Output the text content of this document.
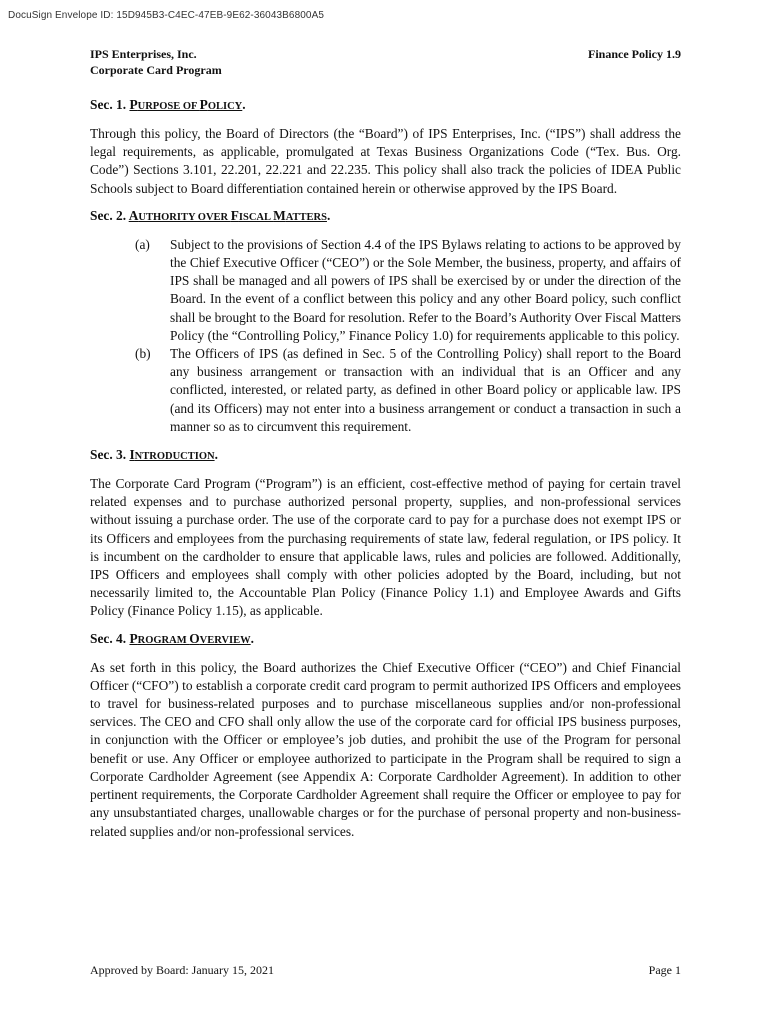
DocuSign Envelope ID: 15D945B3-C4EC-47EB-9E62-36043B6800A5
IPS Enterprises, Inc.
Corporate Card Program
Finance Policy 1.9
Sec. 1. PURPOSE OF POLICY.

Through this policy, the Board of Directors (the “Board”) of IPS Enterprises, Inc. (“IPS”) shall address the legal requirements, as applicable, promulgated at Texas Business Organizations Code (“Tex. Bus. Org. Code”) Sections 3.101, 22.201, 22.221 and 22.235. This policy shall also track the policies of IDEA Public Schools subject to Board differentiation contained herein or otherwise approved by the IPS Board.

Sec. 2. AUTHORITY OVER FISCAL MATTERS.
(a)	Subject to the provisions of Section 4.4 of the IPS Bylaws relating to actions to be approved by the Chief Executive Officer (“CEO”) or the Sole Member, the business, property, and affairs of IPS shall be managed and all powers of IPS shall be exercised by or under the direction of the Board. In the event of a conflict between this policy and any other Board policy, such conflict shall be brought to the Board for resolution. Refer to the Board’s Authority Over Fiscal Matters Policy (the “Controlling Policy,” Finance Policy 1.0) for requirements applicable to this policy.
(b)	The Officers of IPS (as defined in Sec. 5 of the Controlling Policy) shall report to the Board any business arrangement or transaction with an individual that is an Officer and any conflicted, interested, or related party, as defined in other Board policy or applicable law. IPS (and its Officers) may not enter into a business arrangement or conduct a transaction in such a manner so as to circumvent this requirement.
Sec. 3. INTRODUCTION.

The Corporate Card Program (“Program”) is an efficient, cost-effective method of paying for certain travel related expenses and to purchase authorized personal property, supplies, and non-professional services without issuing a purchase order. The use of the corporate card to pay for a purchase does not exempt IPS or its Officers and employees from the purchasing requirements of state law, federal regulation, or IPS policy. It is incumbent on the cardholder to ensure that applicable laws, rules and policies are followed. Additionally, IPS Officers and employees shall comply with other policies adopted by the Board, including, but not necessarily limited to, the Accountable Plan Policy (Finance Policy 1.1) and Employee Awards and Gifts Policy (Finance Policy 1.15), as applicable.

Sec. 4. PROGRAM OVERVIEW.

As set forth in this policy, the Board authorizes the Chief Executive Officer (“CEO”) and Chief Financial Officer (“CFO”) to establish a corporate credit card program to permit authorized IPS Officers and employees to travel for business-related purposes and to purchase miscellaneous supplies and/or non-professional services. The CEO and CFO shall only allow the use of the corporate card for official IPS business purposes, in conjunction with the Officer or employee’s job duties, and prohibit the use of the Program for personal benefit or use. Any Officer or employee authorized to participate in the Program shall be required to sign a Corporate Cardholder Agreement (see Appendix A: Corporate Cardholder Agreement). In addition to other pertinent requirements, the Corporate Cardholder Agreement shall require the Officer or employee to pay for any unsubstantiated charges, unallowable charges or for the purchase of personal property and non-business-related supplies and/or non-professional services.

Approved by Board: January 15, 2021	Page 1
